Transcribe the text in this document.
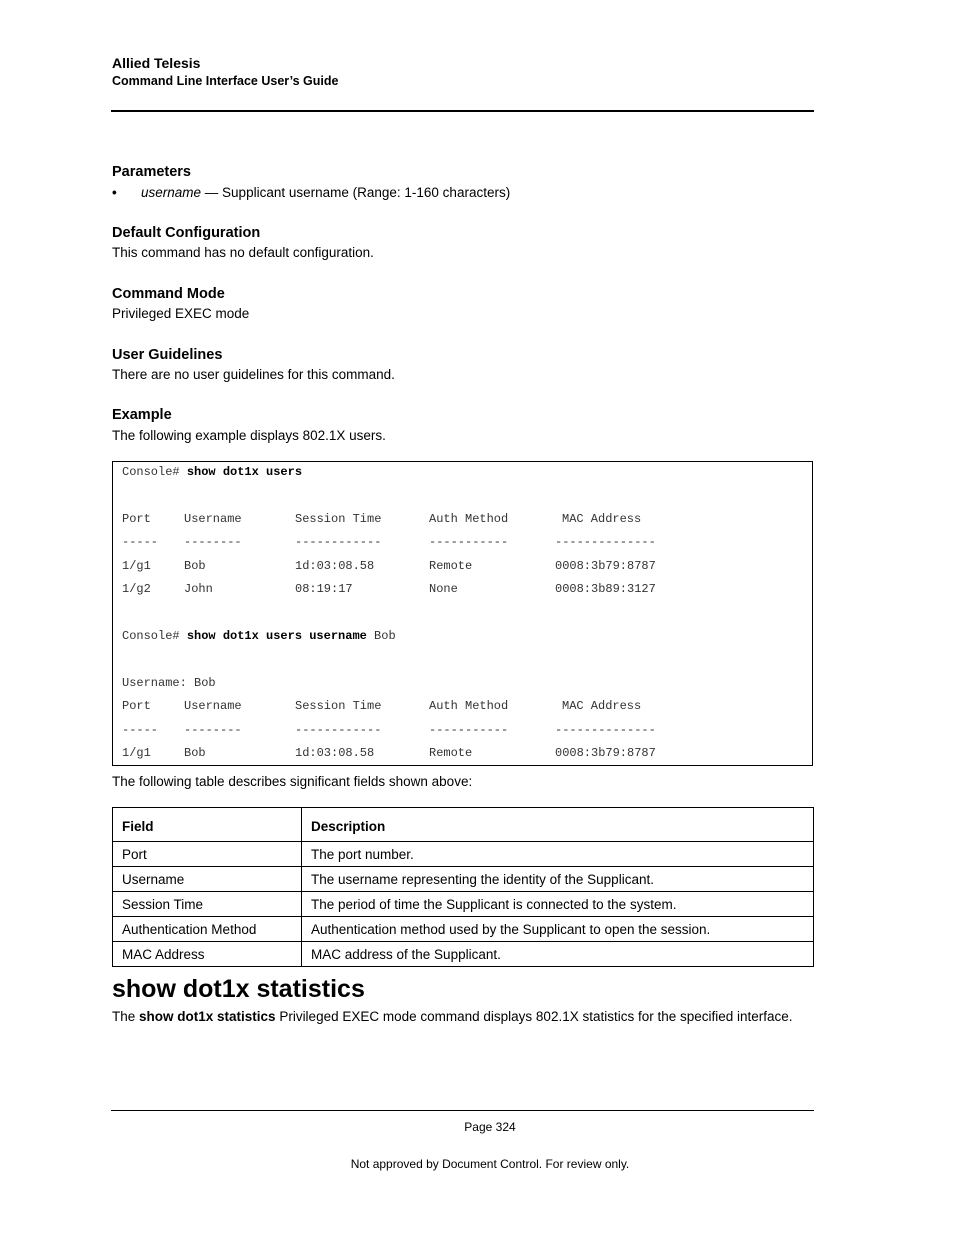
Allied Telesis
Command Line Interface User’s Guide
Parameters
•	username — Supplicant username (Range: 1-160 characters)
Default Configuration
This command has no default configuration.
Command Mode
Privileged EXEC mode
User Guidelines
There are no user guidelines for this command.
Example
The following example displays 802.1X users.
Console# show dot1x users
Port	Username	Session Time	Auth Method	MAC Address
----- --------	------------	-----------	--------------
1/g1	Bob	1d:03:08.58	Remote	0008:3b79:8787
1/g2	John	08:19:17	None	0008:3b89:3127
Console# show dot1x users username Bob
Username: Bob
Port	Username	Session Time	Auth Method	MAC Address
----- --------	------------	-----------	--------------
1/g1	Bob	1d:03:08.58	Remote	0008:3b79:8787
The following table describes significant fields shown above:
Field	Description
Port	The port number.
Username	The username representing the identity of the Supplicant.
Session Time	The period of time the Supplicant is connected to the system.
Authentication Method	Authentication method used by the Supplicant to open the session.
MAC Address	MAC address of the Supplicant.
show dot1x statistics
The show dot1x statistics Privileged EXEC mode command displays 802.1X statistics for the specified interface.
Page 324
Not approved by Document Control. For review only.
